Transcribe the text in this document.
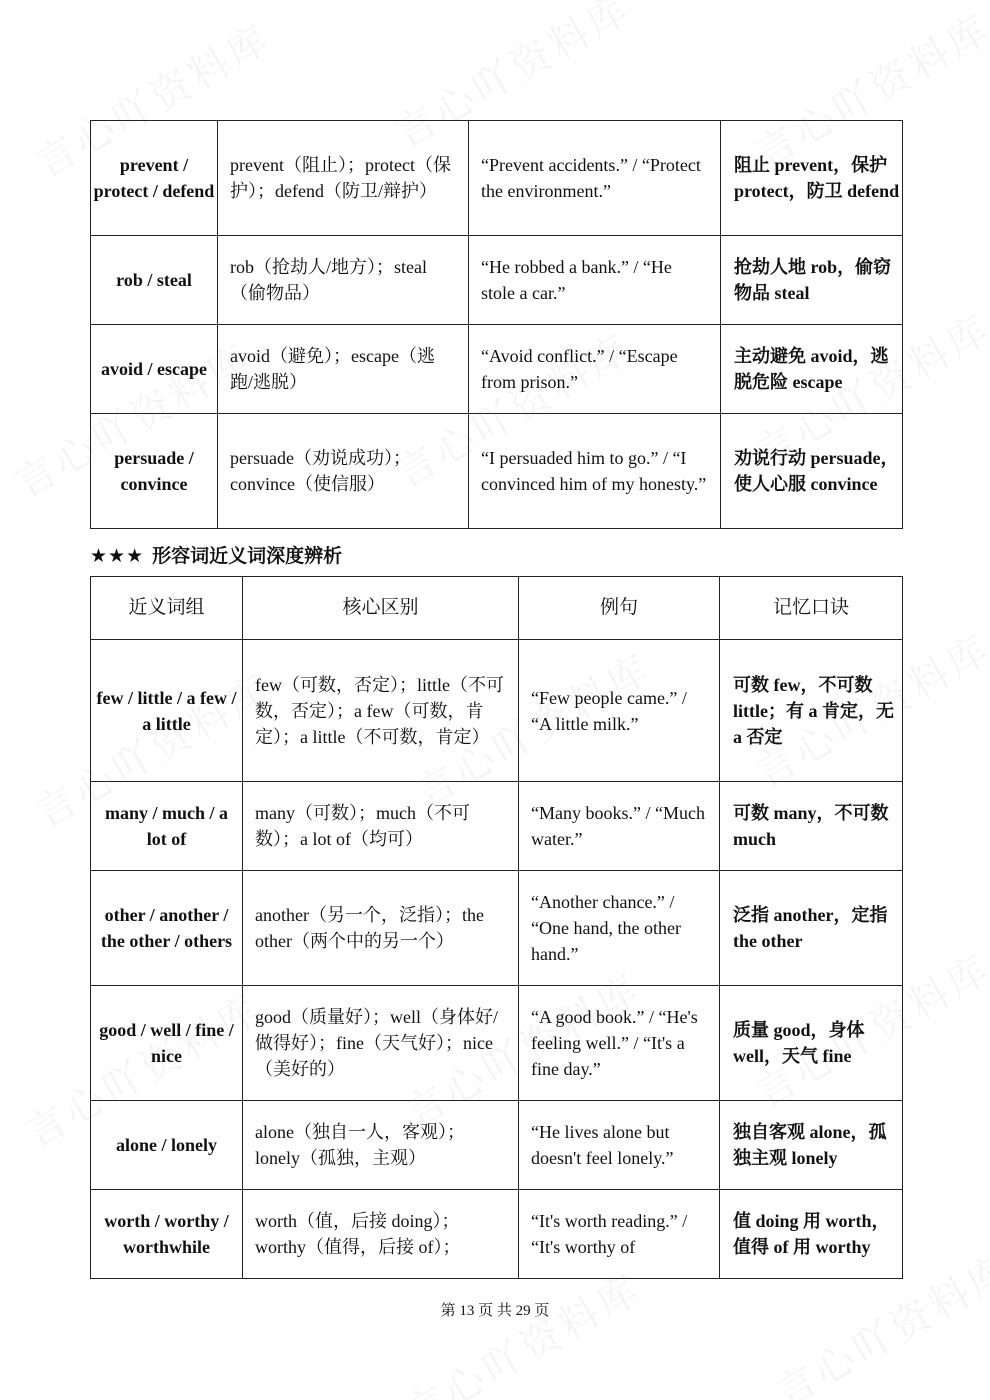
prevent / protect / defend	prevent（阻止）；protect（保护）；defend（防卫/辩护）	“Prevent accidents.” / “Protect the environment.”	阻止 prevent，保护 protect，防卫 defend
rob / steal	rob（抢劫人/地方）；steal（偷物品）	“He robbed a bank.” / “He stole a car.”	抢劫人地 rob，偷窃物品 steal
avoid / escape	avoid（避免）；escape（逃跑/逃脱）	“Avoid conflict.” / “Escape from prison.”	主动避免 avoid，逃脱危险 escape
persuade / convince	persuade（劝说成功）；convince（使信服）	“I persuaded him to go.” / “I convinced him of my honesty.”	劝说行动 persuade，使人心服 convince
★★★ 形容词近义词深度辨析
近义词组	核心区别	例句	记忆口诀
few / little / a few / a little	few（可数，否定）；little（不可数，否定）；a few（可数，肯定）；a little（不可数，肯定）	“Few people came.” / “A little milk.”	可数 few，不可数 little；有 a 肯定，无 a 否定
many / much / a lot of	many（可数）；much（不可数）；a lot of（均可）	“Many books.” / “Much water.”	可数 many，不可数 much
other / another / the other / others	another（另一个，泛指）；the other（两个中的另一个）	“Another chance.” / “One hand, the other hand.”	泛指 another，定指 the other
good / well / fine / nice	good（质量好）；well（身体好/做得好）；fine（天气好）；nice（美好的）	“A good book.” / “He's feeling well.” / “It's a fine day.”	质量 good，身体 well，天气 fine
alone / lonely	alone（独自一人，客观）；lonely（孤独，主观）	“He lives alone but doesn't feel lonely.”	独自客观 alone，孤独主观 lonely
worth / worthy / worthwhile	worth（值，后接 doing）；worthy（值得，后接 of）；	“It's worth reading.” / “It's worthy of	值 doing 用 worth，值得 of 用 worthy
第 13 页 共 29 页
